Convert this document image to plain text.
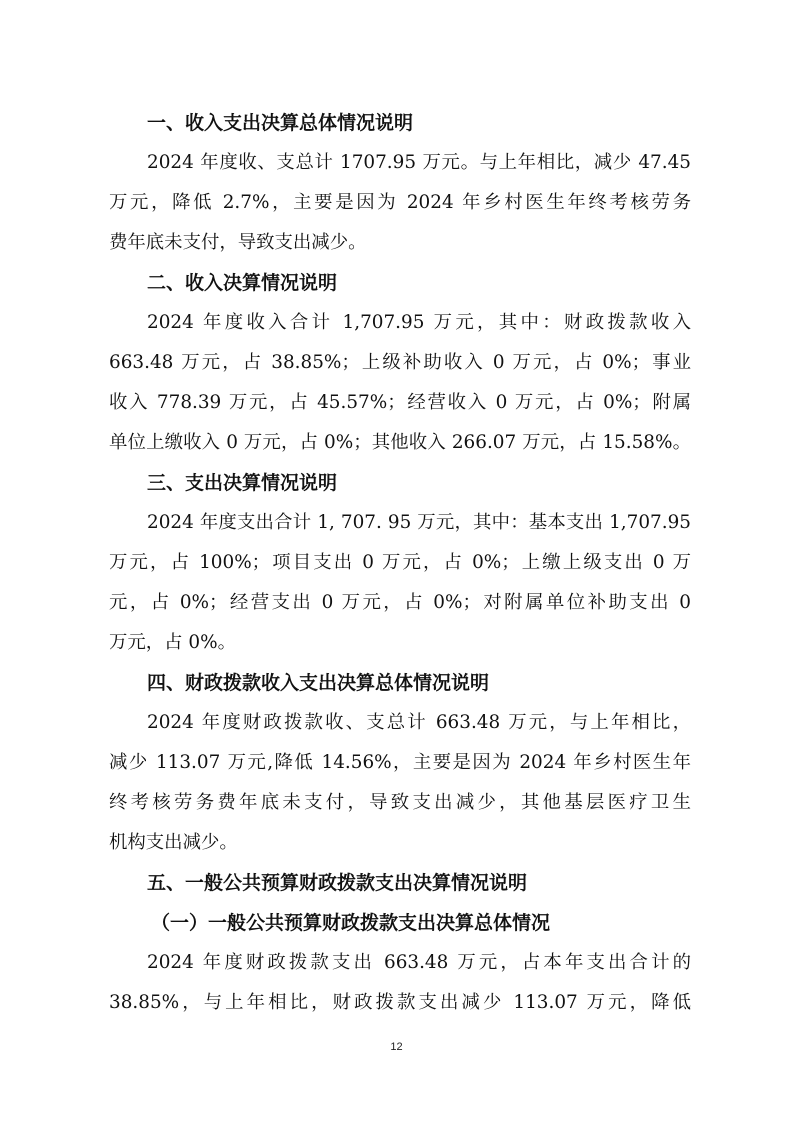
一、收入支出决算总体情况说明

2024 年度收、支总计 1707.95 万元。与上年相比，减少 47.45
万元，降低 2.7%，主要是因为 2024 年乡村医生年终考核劳务
费年底未支付，导致支出减少。

二、收入决算情况说明

2024 年度收入合计 1,707.95 万元，其中：财政拨款收入
663.48 万元，占 38.85%；上级补助收入 0 万元，占 0%；事业
收入 778.39 万元，占 45.57%；经营收入 0 万元，占 0%；附属
单位上缴收入 0 万元，占 0%；其他收入 266.07 万元，占 15.58%。

三、支出决算情况说明

2024 年度支出合计 1, 707. 95 万元，其中：基本支出 1,707.95
万元，占 100%；项目支出 0 万元，占 0%；上缴上级支出 0 万
元，占 0%；经营支出 0 万元，占 0%；对附属单位补助支出 0
万元，占 0%。

四、财政拨款收入支出决算总体情况说明

2024 年度财政拨款收、支总计 663.48 万元，与上年相比，
减少 113.07 万元,降低 14.56%，主要是因为 2024 年乡村医生年
终考核劳务费年底未支付，导致支出减少，其他基层医疗卫生
机构支出减少。

五、一般公共预算财政拨款支出决算情况说明
（一）一般公共预算财政拨款支出决算总体情况

2024 年度财政拨款支出 663.48 万元，占本年支出合计的
38.85%，与上年相比，财政拨款支出减少 113.07 万元，降低

12
